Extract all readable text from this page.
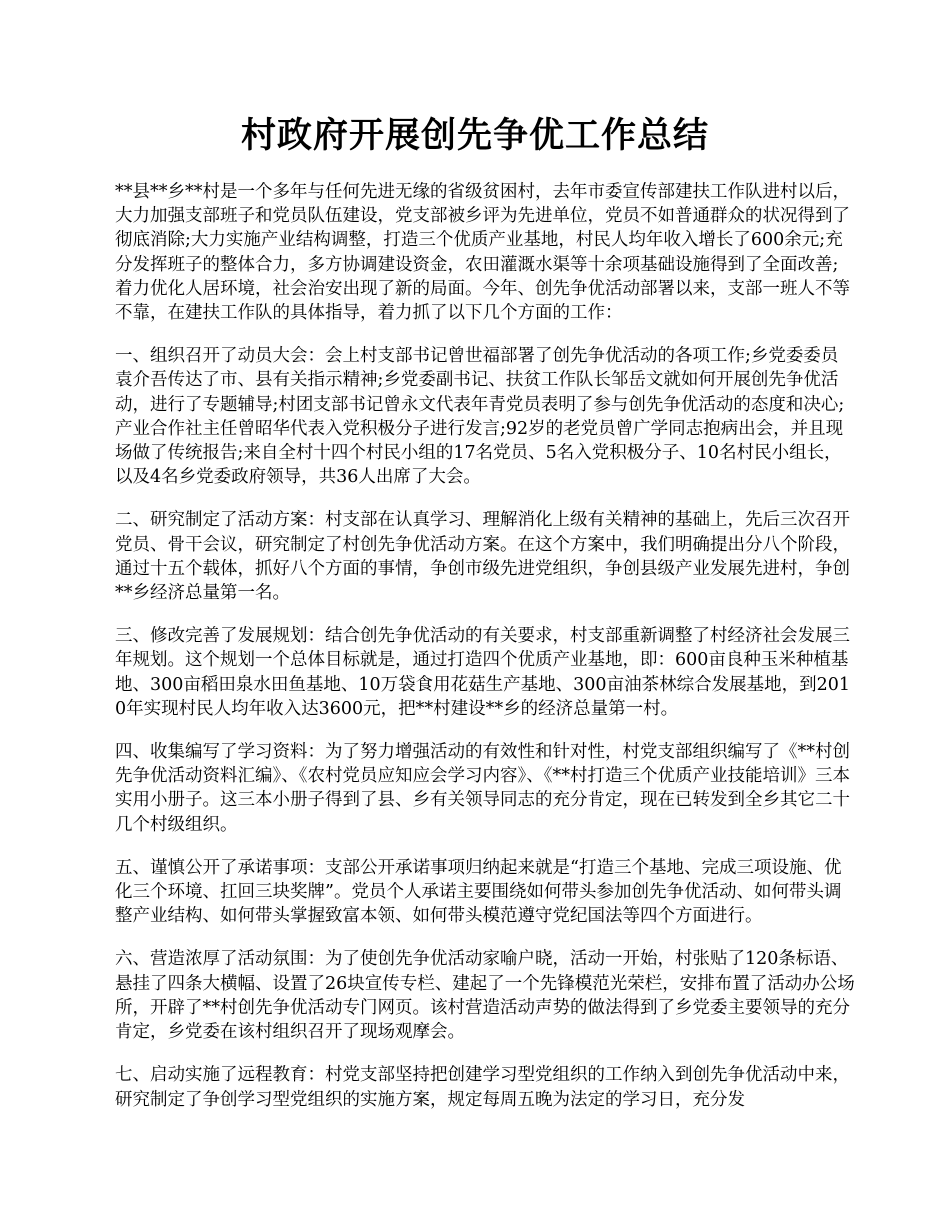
村政府开展创先争优工作总结

**县**乡**村是一个多年与任何先进无缘的省级贫困村，去年市委宣传部建扶工作队进村以后，大力加强支部班子和党员队伍建设，党支部被乡评为先进单位，党员不如普通群众的状况得到了彻底消除;大力实施产业结构调整，打造三个优质产业基地，村民人均年收入增长了600余元;充分发挥班子的整体合力，多方协调建设资金，农田灌溉水渠等十余项基础设施得到了全面改善;着力优化人居环境，社会治安出现了新的局面。今年、创先争优活动部署以来，支部一班人不等不靠，在建扶工作队的具体指导，着力抓了以下几个方面的工作：

一、组织召开了动员大会：会上村支部书记曾世福部署了创先争优活动的各项工作;乡党委委员袁介吾传达了市、县有关指示精神;乡党委副书记、扶贫工作队长邹岳文就如何开展创先争优活动，进行了专题辅导;村团支部书记曾永文代表年青党员表明了参与创先争优活动的态度和决心;产业合作社主任曾昭华代表入党积极分子进行发言;92岁的老党员曾广学同志抱病出会，并且现场做了传统报告;来自全村十四个村民小组的17名党员、5名入党积极分子、10名村民小组长，以及4名乡党委政府领导，共36人出席了大会。

二、研究制定了活动方案：村支部在认真学习、理解消化上级有关精神的基础上，先后三次召开党员、骨干会议，研究制定了村创先争优活动方案。在这个方案中，我们明确提出分八个阶段，通过十五个载体，抓好八个方面的事情，争创市级先进党组织，争创县级产业发展先进村，争创**乡经济总量第一名。

三、修改完善了发展规划：结合创先争优活动的有关要求，村支部重新调整了村经济社会发展三年规划。这个规划一个总体目标就是，通过打造四个优质产业基地，即：600亩良种玉米种植基地、300亩稻田泉水田鱼基地、10万袋食用花菇生产基地、300亩油茶林综合发展基地，到2010年实现村民人均年收入达3600元，把**村建设**乡的经济总量第一村。

四、收集编写了学习资料：为了努力增强活动的有效性和针对性，村党支部组织编写了《**村创先争优活动资料汇编》、《农村党员应知应会学习内容》、《**村打造三个优质产业技能培训》三本实用小册子。这三本小册子得到了县、乡有关领导同志的充分肯定，现在已转发到全乡其它二十几个村级组织。

五、谨慎公开了承诺事项：支部公开承诺事项归纳起来就是“打造三个基地、完成三项设施、优化三个环境、扛回三块奖牌”。党员个人承诺主要围绕如何带头参加创先争优活动、如何带头调整产业结构、如何带头掌握致富本领、如何带头模范遵守党纪国法等四个方面进行。

六、营造浓厚了活动氛围：为了使创先争优活动家喻户晓，活动一开始，村张贴了120条标语、悬挂了四条大横幅、设置了26块宣传专栏、建起了一个先锋模范光荣栏，安排布置了活动办公场所，开辟了**村创先争优活动专门网页。该村营造活动声势的做法得到了乡党委主要领导的充分肯定，乡党委在该村组织召开了现场观摩会。

七、启动实施了远程教育：村党支部坚持把创建学习型党组织的工作纳入到创先争优活动中来，研究制定了争创学习型党组织的实施方案，规定每周五晚为法定的学习日，充分发
